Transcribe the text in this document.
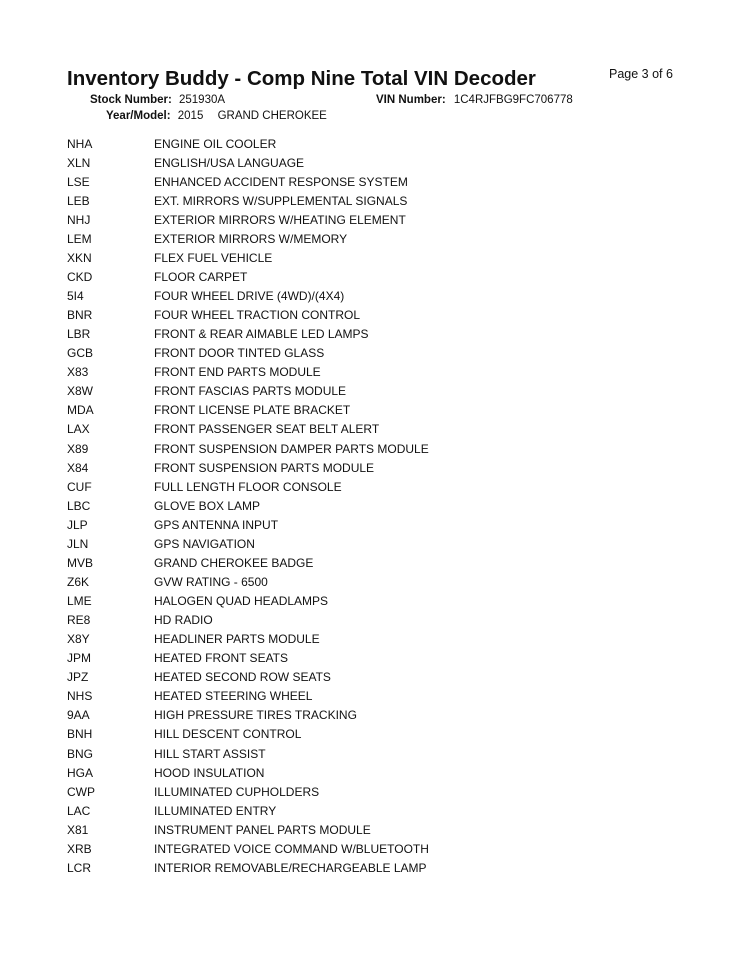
Inventory Buddy - Comp Nine Total VIN Decoder	Page 3 of 6
Stock Number: 251930A	VIN Number: 1C4RJFBG9FC706778
Year/Model: 2015 GRAND CHEROKEE
NHA	ENGINE OIL COOLER
XLN	ENGLISH/USA LANGUAGE
LSE	ENHANCED ACCIDENT RESPONSE SYSTEM
LEB	EXT. MIRRORS W/SUPPLEMENTAL SIGNALS
NHJ	EXTERIOR MIRRORS W/HEATING ELEMENT
LEM	EXTERIOR MIRRORS W/MEMORY
XKN	FLEX FUEL VEHICLE
CKD	FLOOR CARPET
5I4	FOUR WHEEL DRIVE (4WD)/(4X4)
BNR	FOUR WHEEL TRACTION CONTROL
LBR	FRONT & REAR AIMABLE LED LAMPS
GCB	FRONT DOOR TINTED GLASS
X83	FRONT END PARTS MODULE
X8W	FRONT FASCIAS PARTS MODULE
MDA	FRONT LICENSE PLATE BRACKET
LAX	FRONT PASSENGER SEAT BELT ALERT
X89	FRONT SUSPENSION DAMPER PARTS MODULE
X84	FRONT SUSPENSION PARTS MODULE
CUF	FULL LENGTH FLOOR CONSOLE
LBC	GLOVE BOX LAMP
JLP	GPS ANTENNA INPUT
JLN	GPS NAVIGATION
MVB	GRAND CHEROKEE BADGE
Z6K	GVW RATING - 6500
LME	HALOGEN QUAD HEADLAMPS
RE8	HD RADIO
X8Y	HEADLINER PARTS MODULE
JPM	HEATED FRONT SEATS
JPZ	HEATED SECOND ROW SEATS
NHS	HEATED STEERING WHEEL
9AA	HIGH PRESSURE TIRES TRACKING
BNH	HILL DESCENT CONTROL
BNG	HILL START ASSIST
HGA	HOOD INSULATION
CWP	ILLUMINATED CUPHOLDERS
LAC	ILLUMINATED ENTRY
X81	INSTRUMENT PANEL PARTS MODULE
XRB	INTEGRATED VOICE COMMAND W/BLUETOOTH
LCR	INTERIOR REMOVABLE/RECHARGEABLE LAMP
